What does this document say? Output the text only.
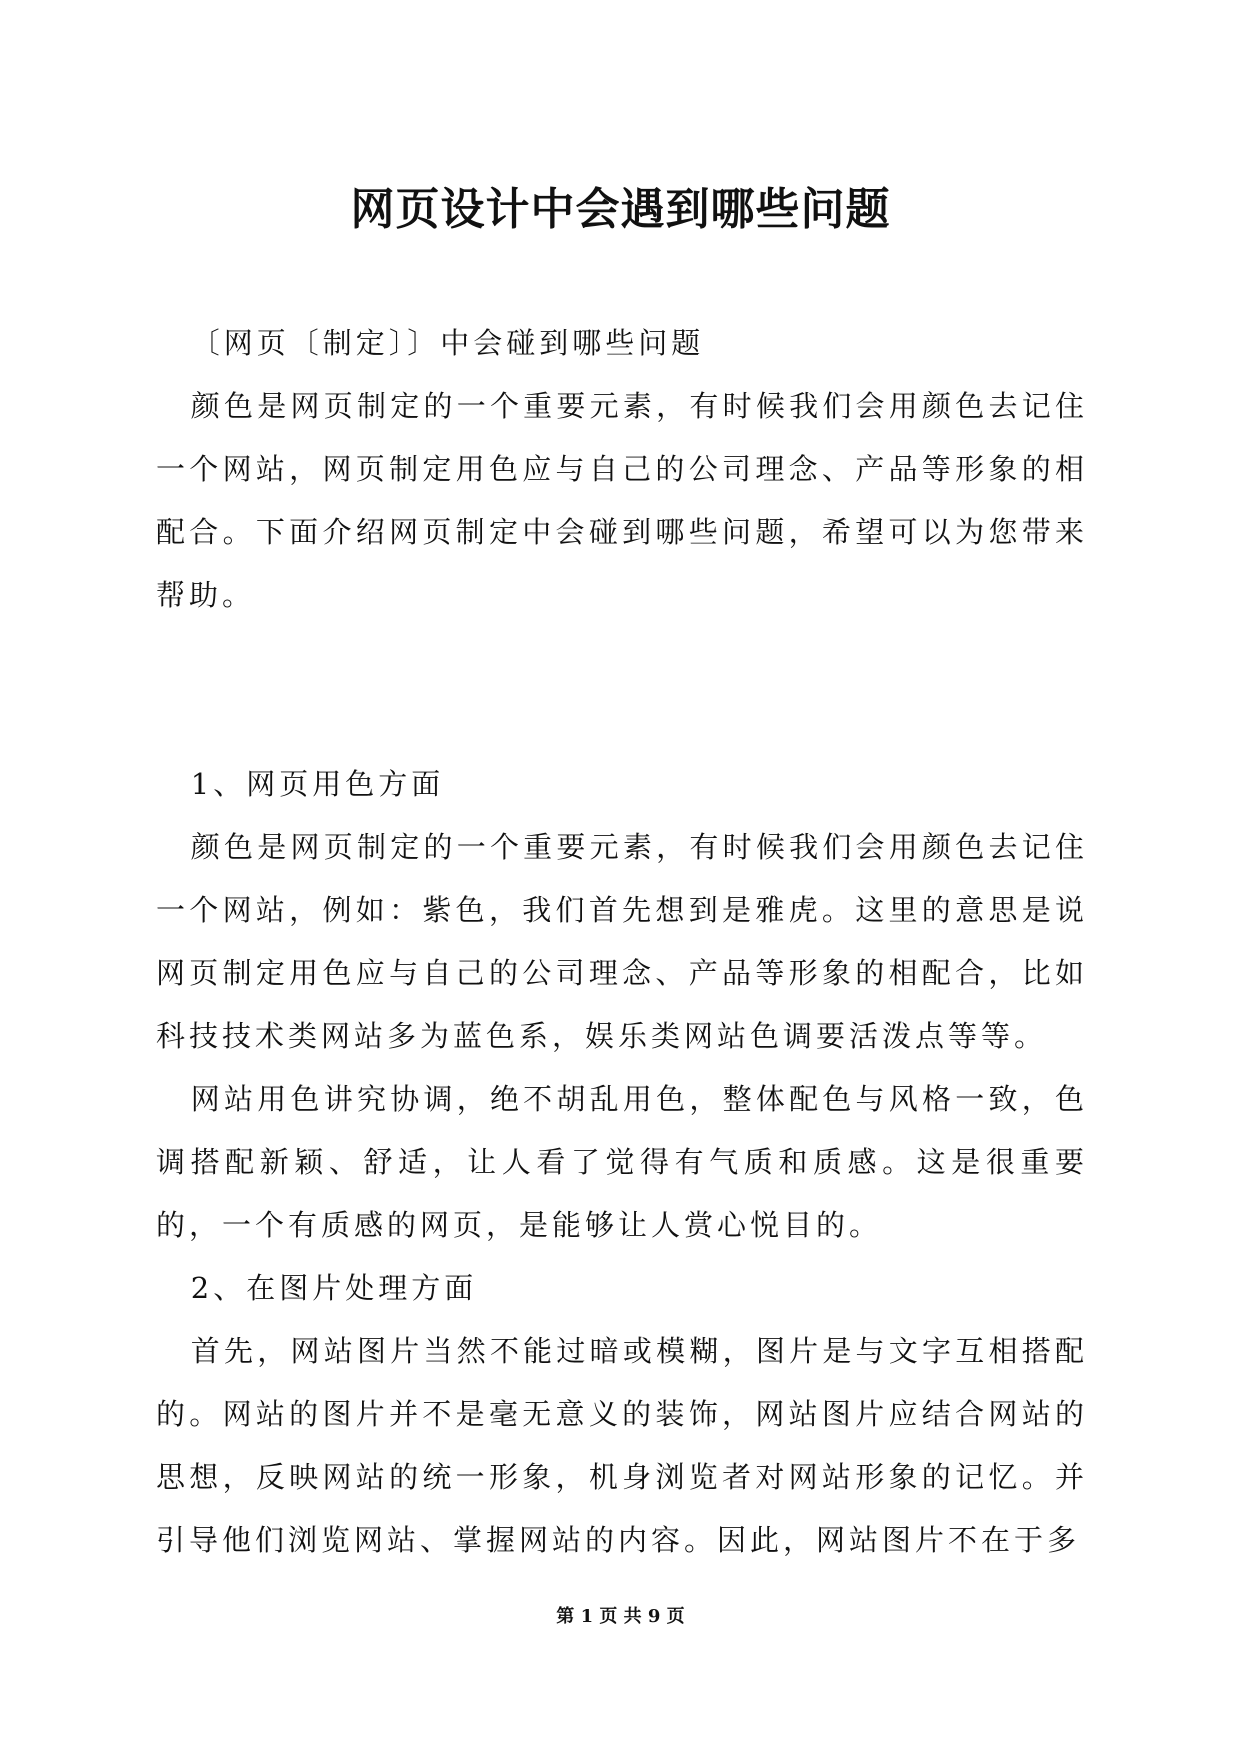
网页设计中会遇到哪些问题

〔网页〔制定〕〕中会碰到哪些问题

颜色是网页制定的一个重要元素，有时候我们会用颜色去记住一个网站，网页制定用色应与自己的公司理念、产品等形象的相配合。下面介绍网页制定中会碰到哪些问题，希望可以为您带来帮助。

1、网页用色方面

颜色是网页制定的一个重要元素，有时候我们会用颜色去记住一个网站，例如：紫色，我们首先想到是雅虎。这里的意思是说网页制定用色应与自己的公司理念、产品等形象的相配合，比如科技技术类网站多为蓝色系，娱乐类网站色调要活泼点等等。

网站用色讲究协调，绝不胡乱用色，整体配色与风格一致，色调搭配新颖、舒适，让人看了觉得有气质和质感。这是很重要的，一个有质感的网页，是能够让人赏心悦目的。

2、在图片处理方面

首先，网站图片当然不能过暗或模糊，图片是与文字互相搭配的。网站的图片并不是毫无意义的装饰，网站图片应结合网站的思想，反映网站的统一形象，机身浏览者对网站形象的记忆。并引导他们浏览网站、掌握网站的内容。因此，网站图片不在于多

第 1 页 共 9 页
